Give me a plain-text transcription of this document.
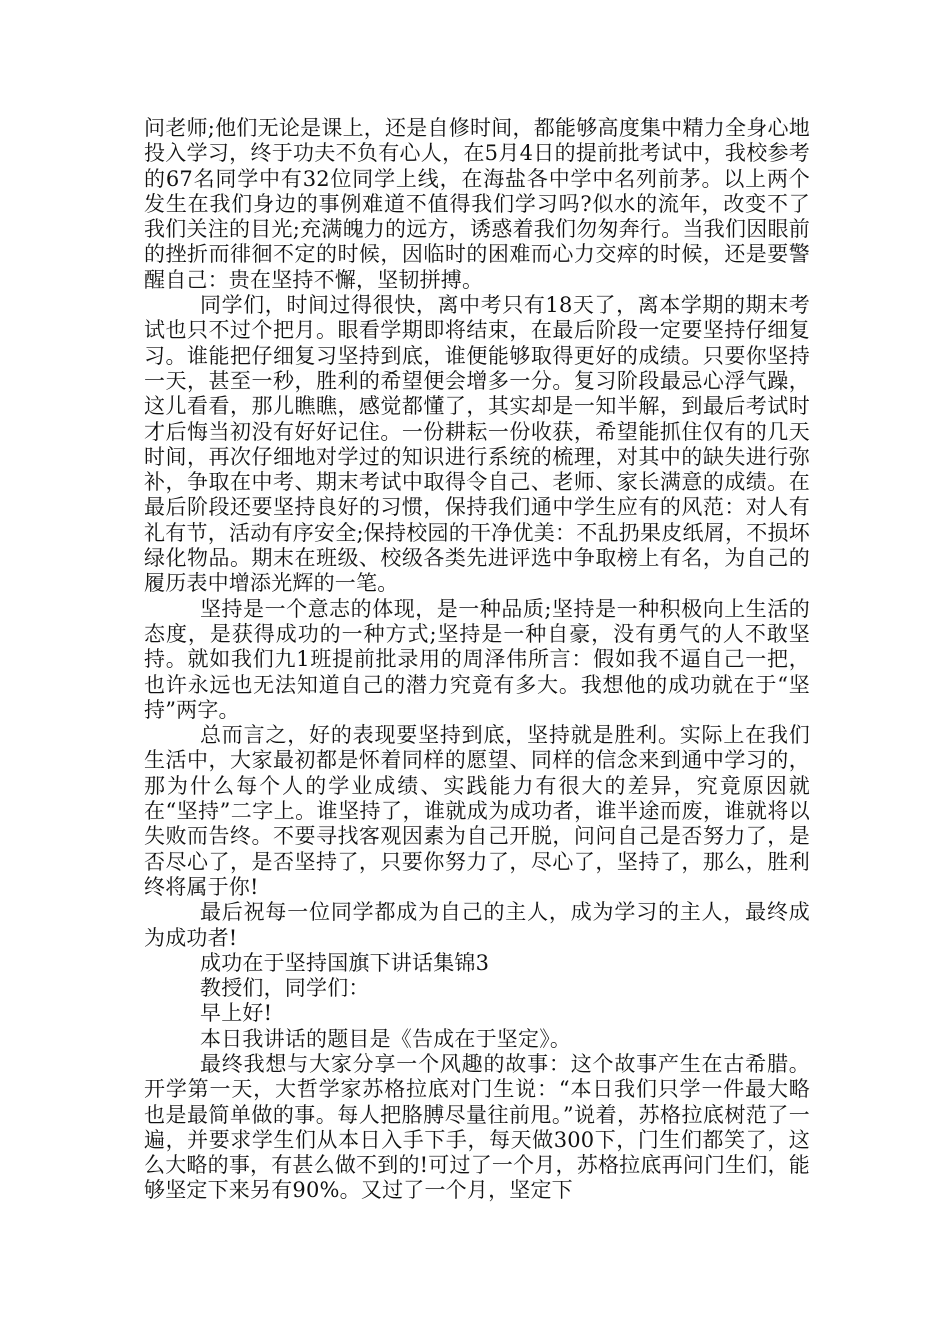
问老师;他们无论是课上，还是自修时间，都能够高度集中精力全身心地投入学习，终于功夫不负有心人，在5月4日的提前批考试中，我校参考的67名同学中有32位同学上线，在海盐各中学中名列前茅。以上两个发生在我们身边的事例难道不值得我们学习吗?似水的流年，改变不了我们关注的目光;充满魄力的远方，诱惑着我们勿匆奔行。当我们因眼前的挫折而徘徊不定的时候，因临时的困难而心力交瘁的时候，还是要警醒自己：贵在坚持不懈，坚韧拼搏。

同学们，时间过得很快，离中考只有18天了，离本学期的期末考试也只不过个把月。眼看学期即将结束，在最后阶段一定要坚持仔细复习。谁能把仔细复习坚持到底，谁便能够取得更好的成绩。只要你坚持一天，甚至一秒，胜利的希望便会增多一分。复习阶段最忌心浮气躁，这儿看看，那儿瞧瞧，感觉都懂了，其实却是一知半解，到最后考试时才后悔当初没有好好记住。一份耕耘一份收获，希望能抓住仅有的几天时间，再次仔细地对学过的知识进行系统的梳理，对其中的缺失进行弥补，争取在中考、期末考试中取得令自己、老师、家长满意的成绩。在最后阶段还要坚持良好的习惯，保持我们通中学生应有的风范：对人有礼有节，活动有序安全;保持校园的干净优美：不乱扔果皮纸屑，不损坏绿化物品。期末在班级、校级各类先进评选中争取榜上有名，为自己的履历表中增添光辉的一笔。

坚持是一个意志的体现，是一种品质;坚持是一种积极向上生活的态度，是获得成功的一种方式;坚持是一种自豪，没有勇气的人不敢坚持。就如我们九1班提前批录用的周泽伟所言：假如我不逼自己一把，也许永远也无法知道自己的潜力究竟有多大。我想他的成功就在于“坚持”两字。

总而言之，好的表现要坚持到底，坚持就是胜利。实际上在我们生活中，大家最初都是怀着同样的愿望、同样的信念来到通中学习的，那为什么每个人的学业成绩、实践能力有很大的差异，究竟原因就在“坚持”二字上。谁坚持了，谁就成为成功者，谁半途而废，谁就将以失败而告终。不要寻找客观因素为自己开脱，问问自己是否努力了，是否尽心了，是否坚持了，只要你努力了，尽心了，坚持了，那么，胜利终将属于你!

最后祝每一位同学都成为自己的主人，成为学习的主人，最终成为成功者!

成功在于坚持国旗下讲话集锦3

教授们，同学们：

早上好!

本日我讲话的题目是《告成在于坚定》。

最终我想与大家分享一个风趣的故事：这个故事产生在古希腊。开学第一天，大哲学家苏格拉底对门生说：“本日我们只学一件最大略也是最简单做的事。每人把胳膊尽量往前甩。”说着，苏格拉底树范了一遍，并要求学生们从本日入手下手，每天做300下，门生们都笑了，这么大略的事，有甚么做不到的!可过了一个月，苏格拉底再问门生们，能够坚定下来另有90%。又过了一个月，坚定下
